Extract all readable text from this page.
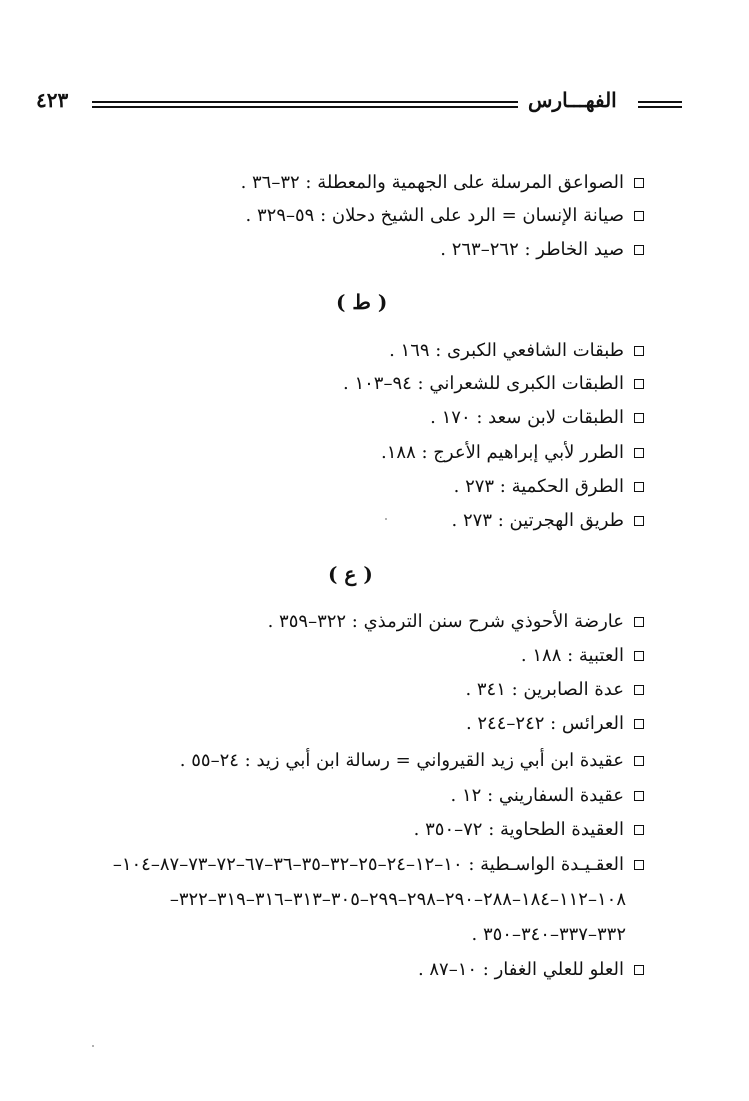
٤٢٣	الفهـــارس
الصواعق المرسلة على الجهمية والمعطلة : ٣٢–٣٦ .
صيانة الإنسان = الرد على الشيخ دحلان : ٥٩–٣٢٩ .
صيد الخاطر : ٢٦٢–٢٦٣ .
( ط )
طبقات الشافعي الكبرى : ١٦٩ .
الطبقات الكبرى للشعراني : ٩٤–١٠٣ .
الطبقات لابن سعد : ١٧٠ .
الطرر لأبي إبراهيم الأعرج : ١٨٨.
الطرق الحكمية : ٢٧٣ .
طريق الهجرتين : ٢٧٣ .
( ع )
عارضة الأحوذي شرح سنن الترمذي : ٣٢٢–٣٥٩ .
العتبية : ١٨٨ .
عدة الصابرين : ٣٤١ .
العرائس : ٢٤٢–٢٤٤ .
عقيدة ابن أبي زيد القيرواني = رسالة ابن أبي زيد : ٢٤–٥٥ .
عقيدة السفاريني : ١٢ .
العقيدة الطحاوية : ٧٢–٣٥٠ .
العقـيـدة الواسـطية : ١٠–١٢–٢٤–٢٥–٣٢–٣٥–٣٦–٦٧–٧٢–٧٣–٨٧–١٠٤–
١٠٨–١١٢–١٨٤–٢٨٨–٢٩٠–٢٩٨–٢٩٩–٣٠٥–٣١٣–٣١٦–٣١٩–٣٢٢–
٣٣٢–٣٣٧–٣٤٠–٣٥٠ .
العلو للعلي الغفار : ١٠–٨٧ .
